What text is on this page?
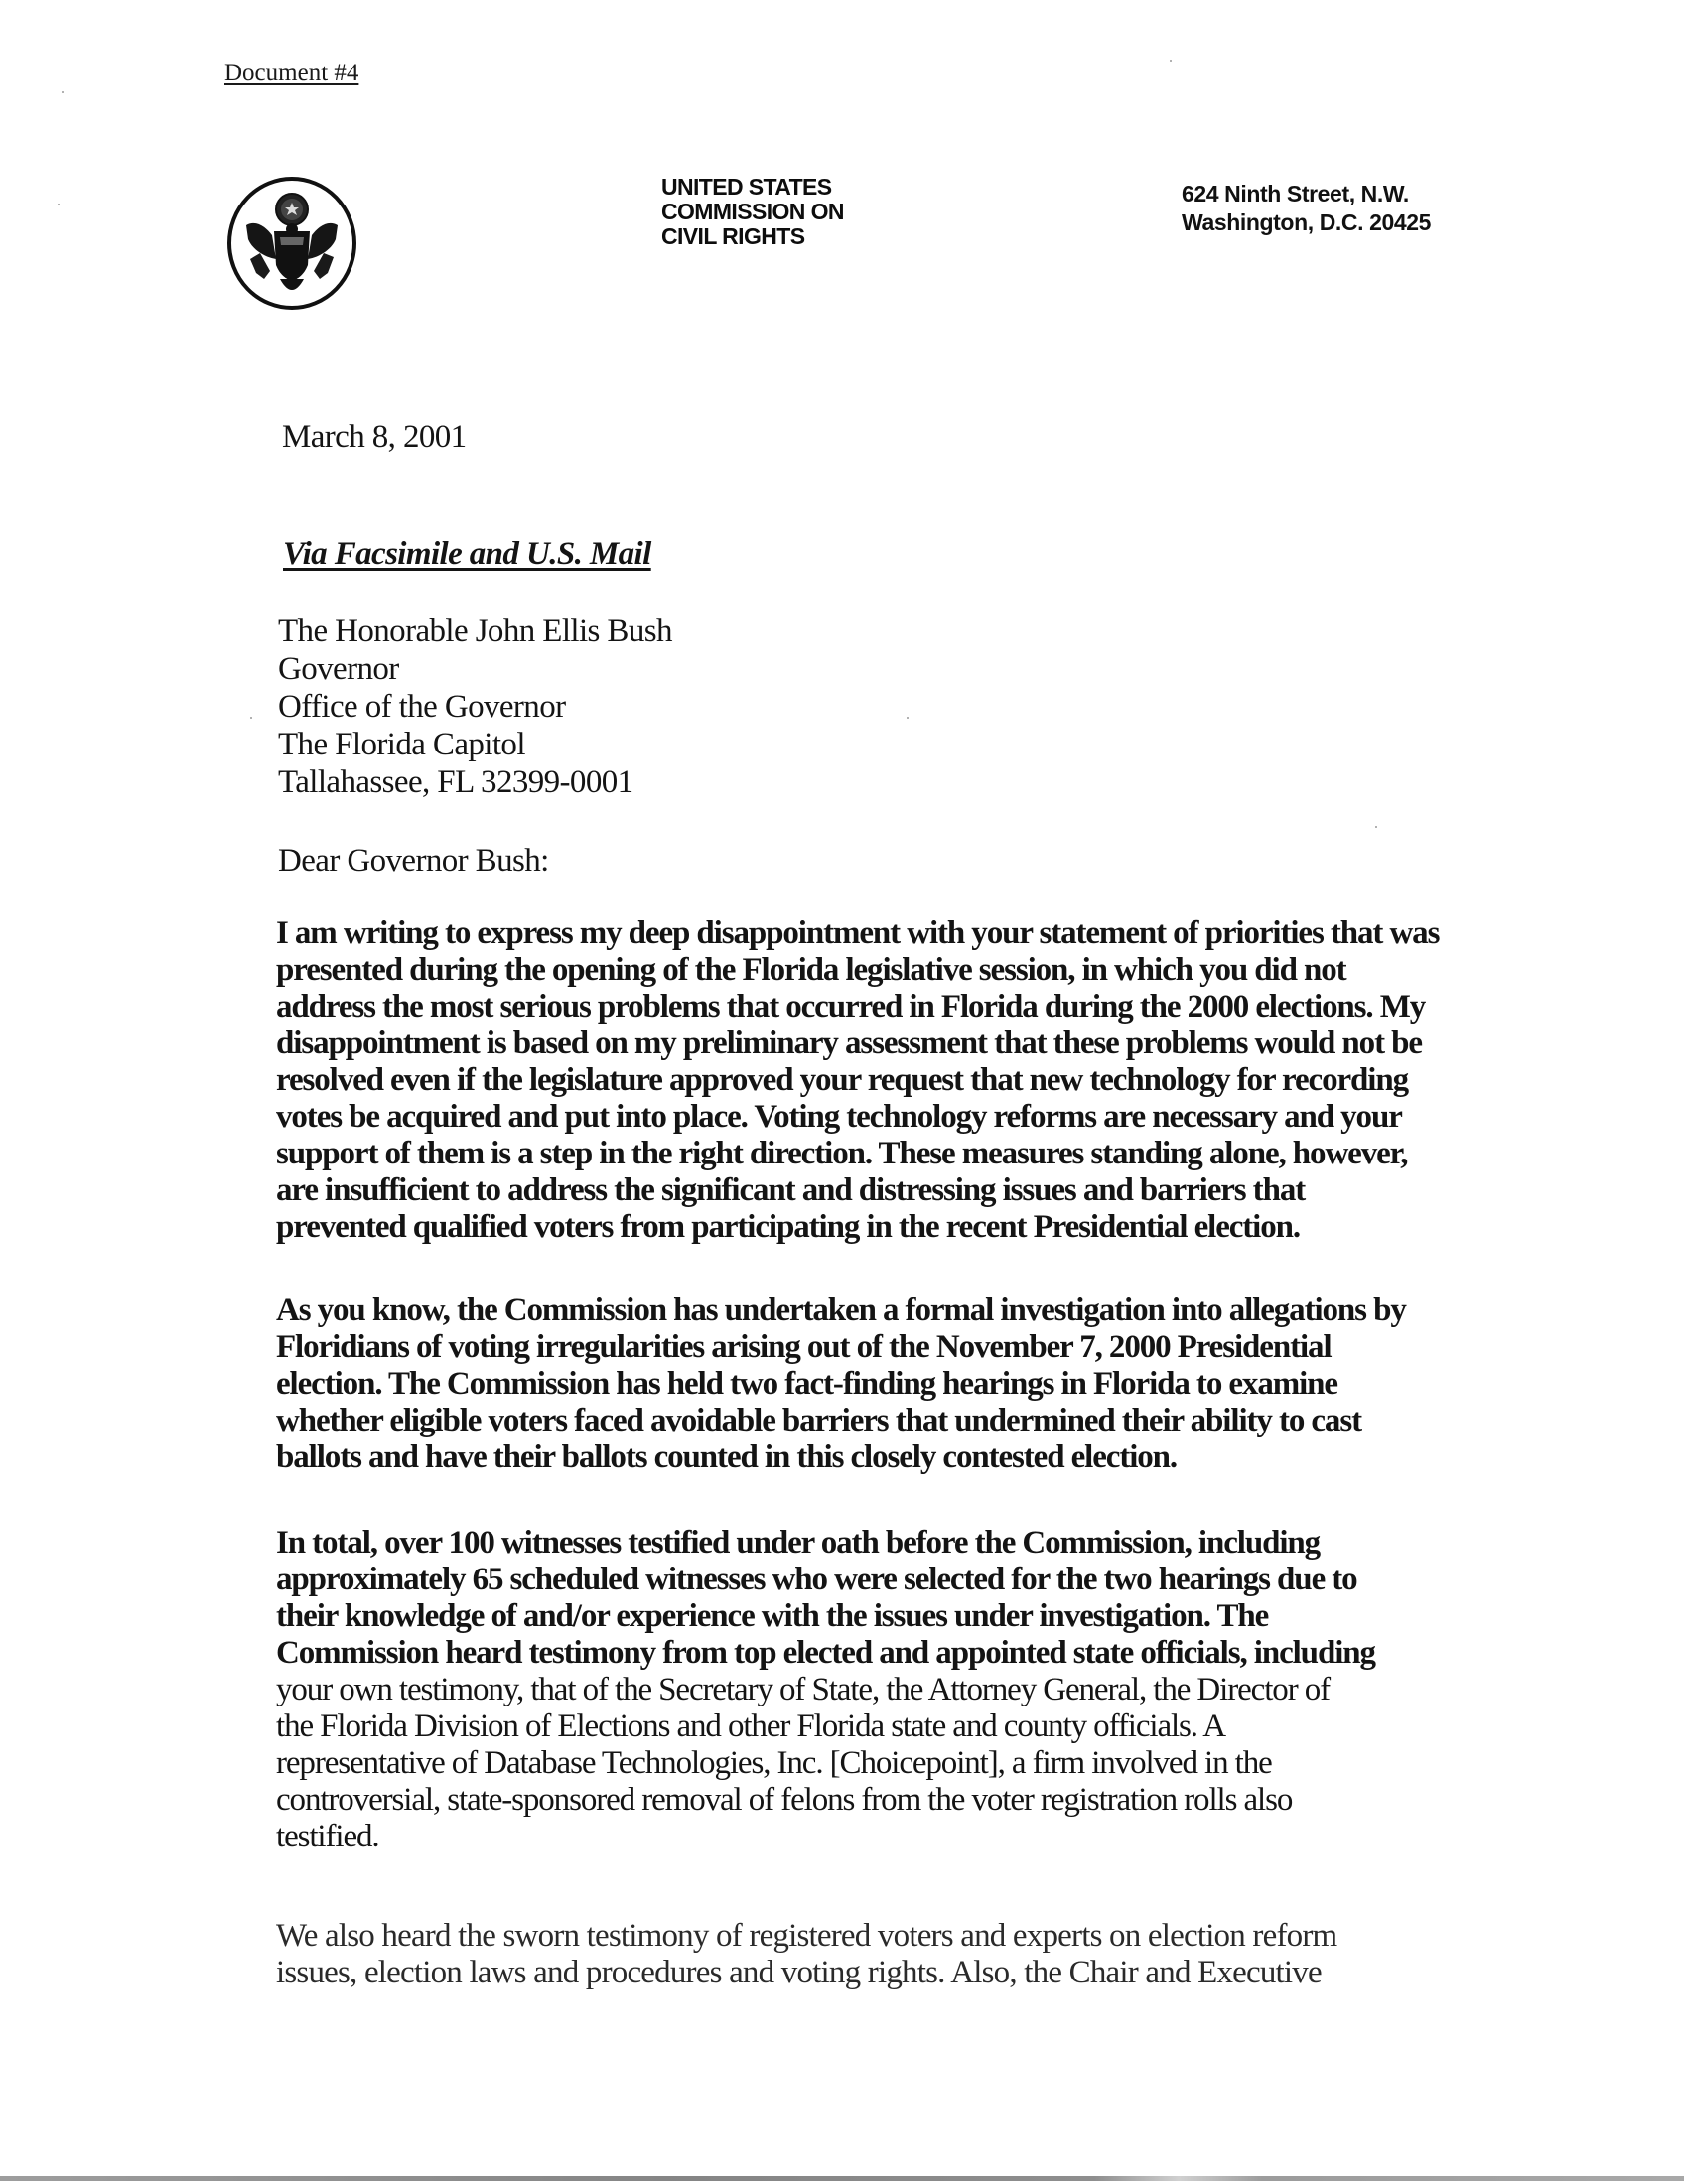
Document #4
UNITED STATES
COMMISSION ON
CIVIL RIGHTS
624 Ninth Street, N.W.
Washington, D.C. 20425
March 8, 2001
Via Facsimile and U.S. Mail
The Honorable John Ellis Bush
Governor
Office of the Governor
The Florida Capitol
Tallahassee, FL 32399-0001
Dear Governor Bush:
I am writing to express my deep disappointment with your statement of priorities that was
presented during the opening of the Florida legislative session, in which you did not
address the most serious problems that occurred in Florida during the 2000 elections. My
disappointment is based on my preliminary assessment that these problems would not be
resolved even if the legislature approved your request that new technology for recording
votes be acquired and put into place. Voting technology reforms are necessary and your
support of them is a step in the right direction. These measures standing alone, however,
are insufficient to address the significant and distressing issues and barriers that
prevented qualified voters from participating in the recent Presidential election.
As you know, the Commission has undertaken a formal investigation into allegations by
Floridians of voting irregularities arising out of the November 7, 2000 Presidential
election. The Commission has held two fact-finding hearings in Florida to examine
whether eligible voters faced avoidable barriers that undermined their ability to cast
ballots and have their ballots counted in this closely contested election.
In total, over 100 witnesses testified under oath before the Commission, including
approximately 65 scheduled witnesses who were selected for the two hearings due to
their knowledge of and/or experience with the issues under investigation. The
Commission heard testimony from top elected and appointed state officials, including
your own testimony, that of the Secretary of State, the Attorney General, the Director of
the Florida Division of Elections and other Florida state and county officials. A
representative of Database Technologies, Inc. [Choicepoint], a firm involved in the
controversial, state-sponsored removal of felons from the voter registration rolls also
testified.
We also heard the sworn testimony of registered voters and experts on election reform
issues, election laws and procedures and voting rights. Also, the Chair and Executive
